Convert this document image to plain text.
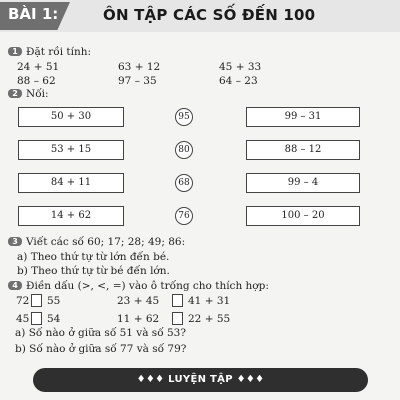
BÀI 1:	ÔN TẬP CÁC SỐ ĐẾN 100
1 Đặt rồi tính:
24 + 51	63 + 12	45 + 33
88 – 62	97 – 35	64 – 23
2 Nối:
50 + 30
53 + 15
84 + 11
14 + 62
95
80
68
76
99 – 31
88 – 12
99 – 4
100 – 20
3 Viết các số 60; 17; 28; 49; 86:
a) Theo thứ tự từ lớn đến bé.
b) Theo thứ tự từ bé đến lớn.
4 Điền dấu (>, <, =) vào ô trống cho thích hợp:
72 55	23 + 45	41 + 31
45 54	11 + 62	22 + 55
a) Số nào ở giữa số 51 và số 53?
b) Số nào ở giữa số 77 và số 79?
♦♦♦ LUYỆN TẬP ♦♦♦
